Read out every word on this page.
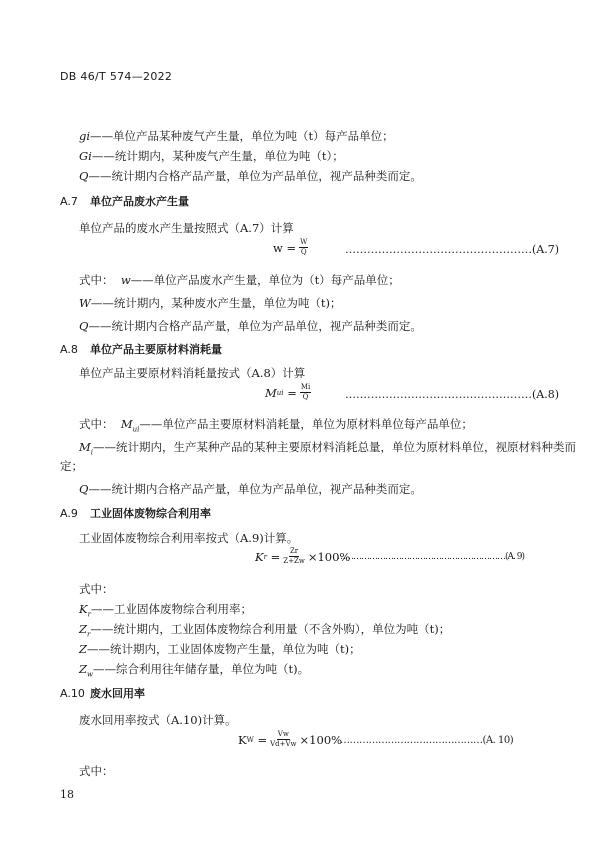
DB 46/T 574—2022
gi——单位产品某种废气产生量，单位为吨（t）每产品单位；
Gi——统计期内，某种废气产生量，单位为吨（t）；
Q——统计期内合格产品产量，单位为产品单位，视产品种类而定。
A.7 单位产品废水产生量
单位产品的废水产生量按照式（A.7）计算
$w = \frac{W}{Q}$	……………………………………………(A.7)
式中： w——单位产品废水产生量，单位为（t）每产品单位；
W——统计期内，某种废水产生量，单位为吨（t)；
Q——统计期内合格产品产量，单位为产品单位，视产品种类而定。
A.8 单位产品主要原材料消耗量
单位产品主要原材料消耗量按式（A.8）计算
M ui
= $\frac{Mi}{Q}$	……………………………………………(A.8)
式中： $M_{ui}——$单位产品主要原材料消耗量，单位为原材料单位每产品单位；
$M_i——$统计期内，生产某种产品的某种主要原材料消耗总量，单位为原材料单位，视原材料种类而
定；
Q——统计期内合格产品产量，单位为产品单位，视产品种类而定。
A.9 工业固体废物综合利用率
工业固体废物综合利用率按式（A.9)计算。
K r
= $\frac{Zr}{Z+Zw} \times 100\%$
………………………………………………………(A. 9)
式中：
$K_r——$工业固体废物综合利用率；
$Z_r——$统计期内，工业固体废物综合利用量（不含外购），单位为吨（t)；
Z——统计期内，工业固体废物产生量，单位为吨（t)；
$Z_w——$综合利用往年储存量，单位为吨（t)。
A.10 废水回用率
废水回用率按式（A.10)计算。
K W
= $\frac{Vw}{Vd+Vw} \times 100\%$
………………………………………(A. 10)
式中：
18
